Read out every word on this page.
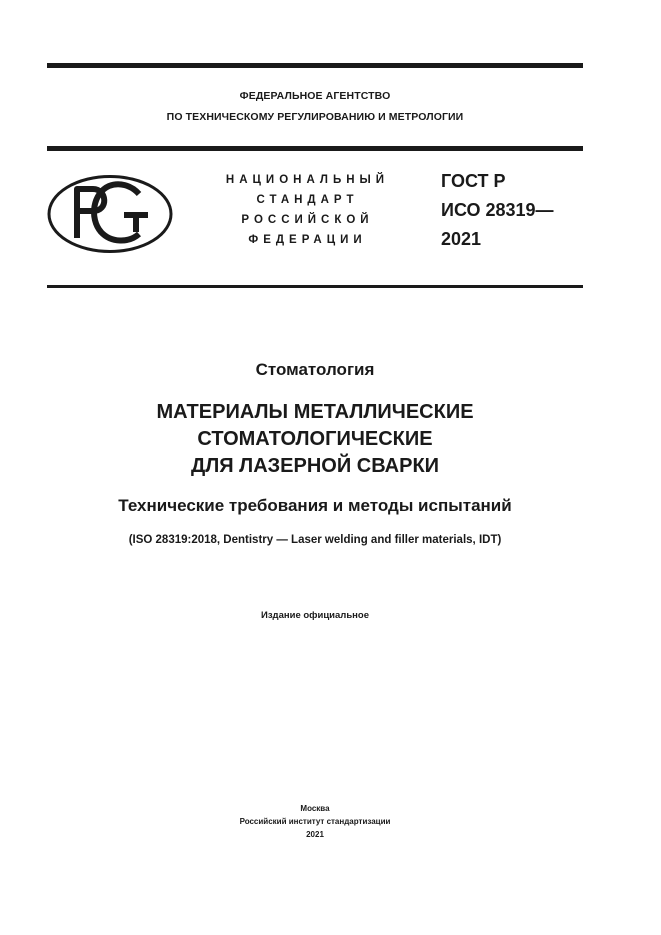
ФЕДЕРАЛЬНОЕ АГЕНТСТВО
ПО ТЕХНИЧЕСКОМУ РЕГУЛИРОВАНИЮ И МЕТРОЛОГИИ
НАЦИОНАЛЬНЫЙ
СТАНДАРТ
РОССИЙСКОЙ
ФЕДЕРАЦИИ
ГОСТ Р
ИСО 28319—
2021
Стоматология
МАТЕРИАЛЫ МЕТАЛЛИЧЕСКИЕ
СТОМАТОЛОГИЧЕСКИЕ
ДЛЯ ЛАЗЕРНОЙ СВАРКИ
Технические требования и методы испытаний
(ISO 28319:2018, Dentistry — Laser welding and filler materials, IDT)
Издание официальное
Москва
Российский институт стандартизации
2021
